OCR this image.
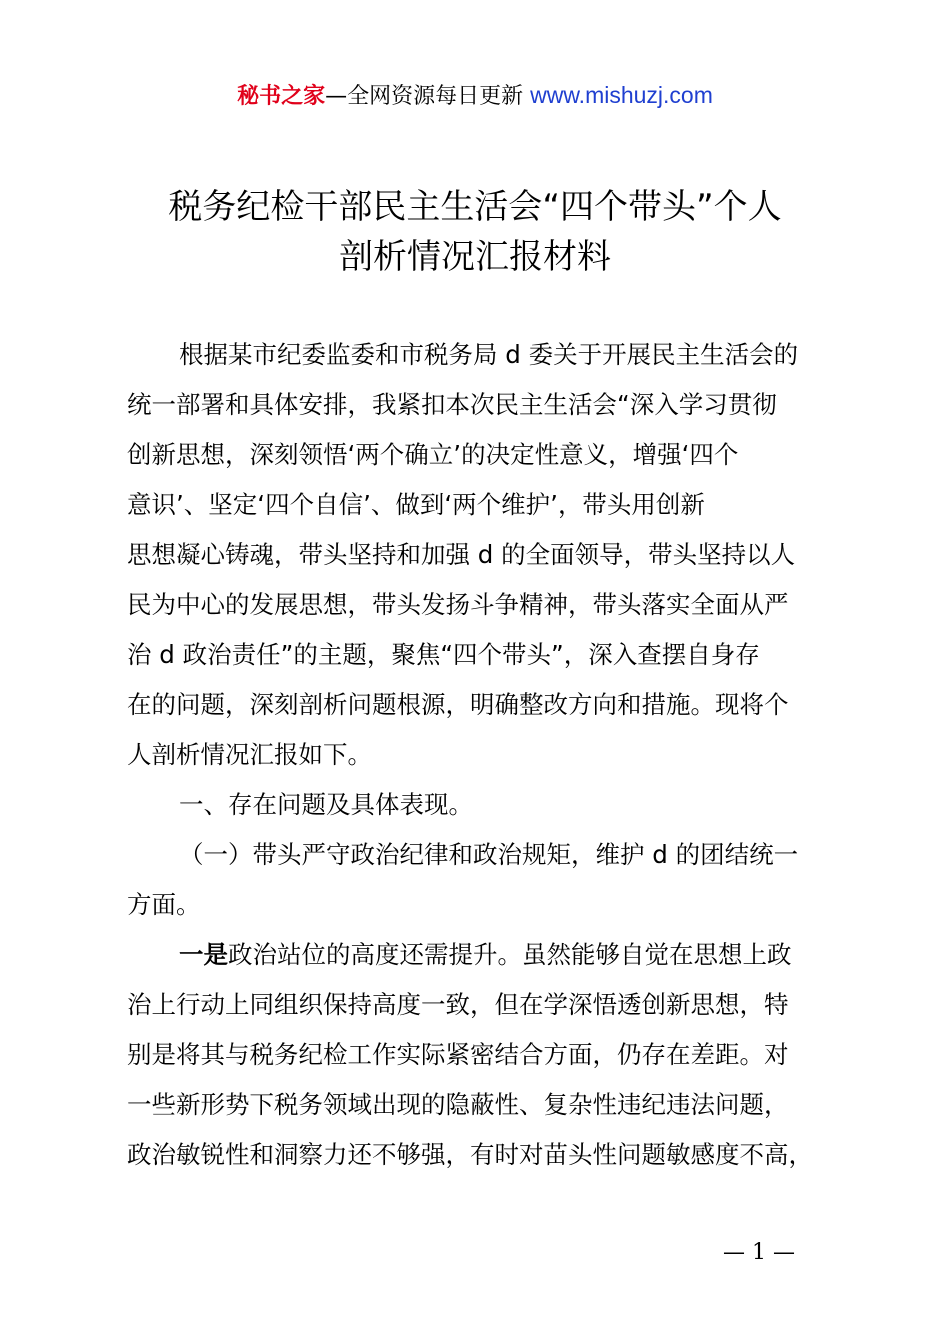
秘书之家—全网资源每日更新 www.mishuzj.com
税务纪检干部民主生活会“四个带头”个人
剖析情况汇报材料
根据某市纪委监委和市税务局 d 委关于开展民主生活会的
统一部署和具体安排，我紧扣本次民主生活会“深入学习贯彻
创新思想，深刻领悟‘两个确立’的决定性意义，增强‘四个
意识’、坚定‘四个自信’、做到‘两个维护’，带头用创新
思想凝心铸魂，带头坚持和加强 d 的全面领导，带头坚持以人
民为中心的发展思想，带头发扬斗争精神，带头落实全面从严
治 d 政治责任”的主题，聚焦“四个带头”，深入查摆自身存
在的问题，深刻剖析问题根源，明确整改方向和措施。现将个
人剖析情况汇报如下。
一、存在问题及具体表现。
（一）带头严守政治纪律和政治规矩，维护 d 的团结统一
方面。
一是政治站位的高度还需提升。虽然能够自觉在思想上政
治上行动上同组织保持高度一致，但在学深悟透创新思想，特
别是将其与税务纪检工作实际紧密结合方面，仍存在差距。对
一些新形势下税务领域出现的隐蔽性、复杂性违纪违法问题，
政治敏锐性和洞察力还不够强，有时对苗头性问题敏感度不高，
— 1 —
